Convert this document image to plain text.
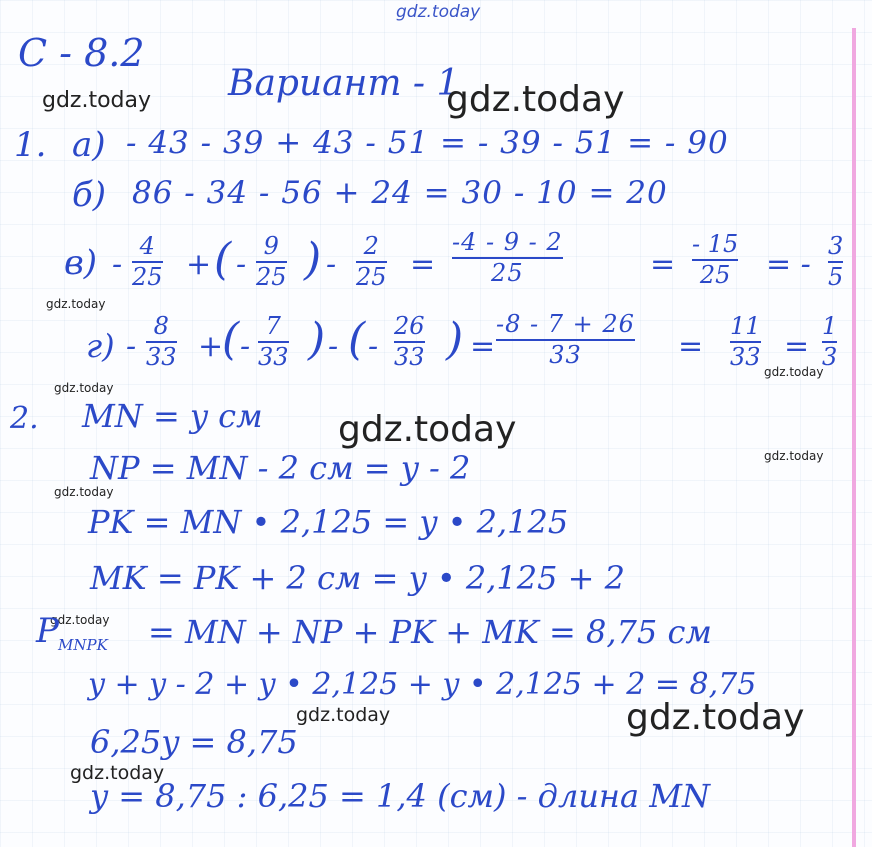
gdz.today
С - 8.2
Вариант - 1
gdz.today	gdz.today
1. а) - 43 - 39 + 43 - 51 = - 39 - 51 = - 90
б) 86 - 34 - 56 + 24 = 30 - 10 = 20
в) -
4
25 + ( -
9
25 ) -
2
25 =
-4 - 9 - 2
25	=
- 15
25 = -
3
5
gdz.today
г) -
8
33 +
( -
7
33 ) - ( -
26
33 ) =
-8 - 7 + 26
33	=
11
33 =
1
3
gdz.today
gdz.today
2. MN = y см gdz.today
gdz.today
NP = MN - 2 см = y - 2
gdz.today
PK = MN • 2,125 = y • 2,125
MK = PK + 2 см = y • 2,125 + 2
gdz.today
P MNPK = MN + NP + PK + MK = 8,75 см
y + y - 2 + y • 2,125 + y • 2,125 + 2 = 8,75
gdz.today	gdz.today
6,25y = 8,75
gdz.today
y = 8,75 : 6,25 = 1,4 (см) - длина MN
